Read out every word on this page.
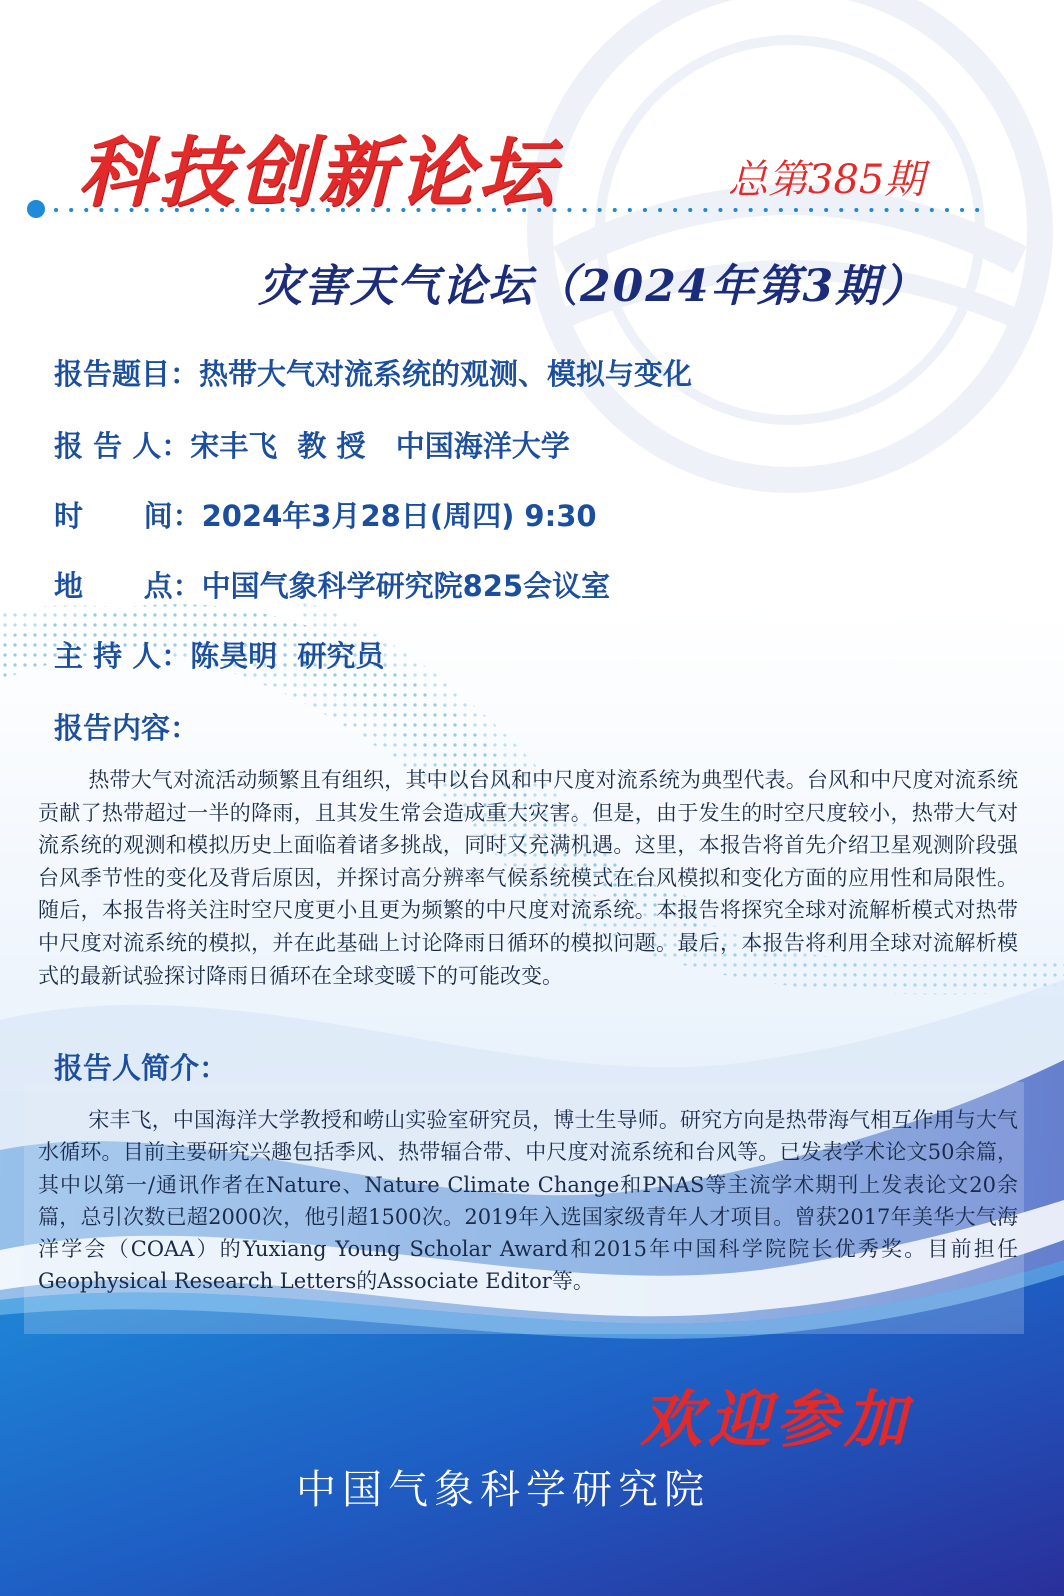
科技创新论坛	总第385期
灾害天气论坛（2024年第3期）
报告题目：热带大气对流系统的观测、模拟与变化
报 告 人：宋丰飞  教 授   中国海洋大学
时      间：2024年3月28日(周四) 9:30
地      点：中国气象科学研究院825会议室
主 持 人：陈昊明  研究员
报告内容：
热带大气对流活动频繁且有组织，其中以台风和中尺度对流系统为典型代表。台风和中尺度对流系统贡献了热带超过一半的降雨，且其发生常会造成重大灾害。但是，由于发生的时空尺度较小，热带大气对流系统的观测和模拟历史上面临着诸多挑战，同时又充满机遇。这里，本报告将首先介绍卫星观测阶段强台风季节性的变化及背后原因，并探讨高分辨率气候系统模式在台风模拟和变化方面的应用性和局限性。随后，本报告将关注时空尺度更小且更为频繁的中尺度对流系统。本报告将探究全球对流解析模式对热带中尺度对流系统的模拟，并在此基础上讨论降雨日循环的模拟问题。最后，本报告将利用全球对流解析模式的最新试验探讨降雨日循环在全球变暖下的可能改变。
报告人简介：
宋丰飞，中国海洋大学教授和崂山实验室研究员，博士生导师。研究方向是热带海气相互作用与大气水循环。目前主要研究兴趣包括季风、热带辐合带、中尺度对流系统和台风等。已发表学术论文50余篇，其中以第一/通讯作者在Nature、Nature Climate Change和PNAS等主流学术期刊上发表论文20余篇，总引次数已超2000次，他引超1500次。2019年入选国家级青年人才项目。曾获2017年美华大气海洋学会（COAA）的Yuxiang Young Scholar Award和2015年中国科学院院长优秀奖。目前担任Geophysical Research Letters的Associate Editor等。
欢迎参加
中国气象科学研究院
